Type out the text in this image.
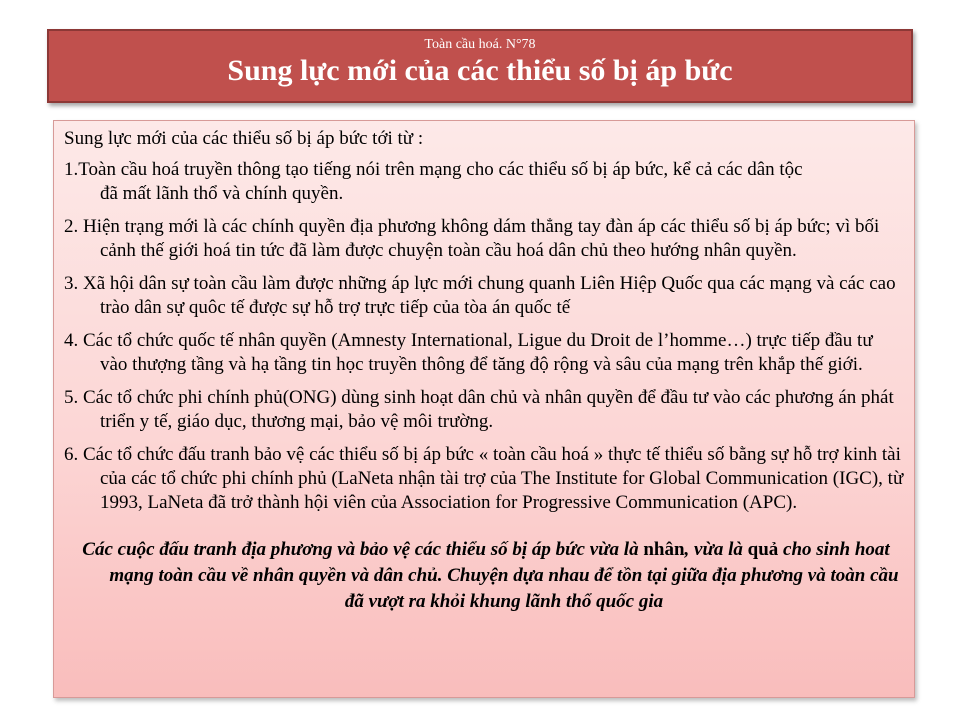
Toàn cầu hoá. N°78
Sung lực mới của các thiểu số bị áp bức

Sung lực mới của các thiểu số bị áp bức tới từ :

1.Toàn cầu hoá truyền thông tạo tiếng nói trên mạng cho các thiểu số bị áp bức, kể cả các dân tộc
đã mất lãnh thổ và chính quyền.

2. Hiện trạng mới là các chính quyền địa phương không dám thẳng tay đàn áp các thiểu số bị áp bức; vì bối cảnh thế giới hoá tin tức đã làm được chuyện toàn cầu hoá dân chủ theo hướng nhân quyền.

3. Xã hội dân sự toàn cầu làm được những áp lực mới chung quanh Liên Hiệp Quốc qua các mạng và các cao trào dân sự quôc tế được sự hỗ trợ trực tiếp của tòa án quốc tế

4. Các tổ chức quốc tế nhân quyền (Amnesty International, Ligue du Droit de l’homme…) trực tiếp đầu tư vào thượng tầng và hạ tầng tin học truyền thông để tăng độ rộng và sâu của mạng trên khắp thế giới.

5. Các tổ chức phi chính phủ(ONG) dùng sinh hoạt dân chủ và nhân quyền để đầu tư vào các phương án phát triển y tế, giáo dục, thương mại, bảo vệ môi trường.

6. Các tổ chức đấu tranh bảo vệ các thiểu số bị áp bức « toàn cầu hoá » thực tế thiểu số bằng sự hỗ trợ kinh tài của các tổ chức phi chính phủ (LaNeta nhận tài trợ của The Institute for Global Communication (IGC), từ 1993, LaNeta đã trở thành hội viên của Association for Progressive Communication (APC).

Các cuộc đấu tranh địa phương và bảo vệ các thiểu số bị áp bức vừa là nhân, vừa là quả cho sinh hoat mạng toàn cầu về nhân quyền và dân chủ. Chuyện dựa nhau để tồn tại giữa địa phương và toàn cầu đã vượt ra khỏi khung lãnh thổ quốc gia
